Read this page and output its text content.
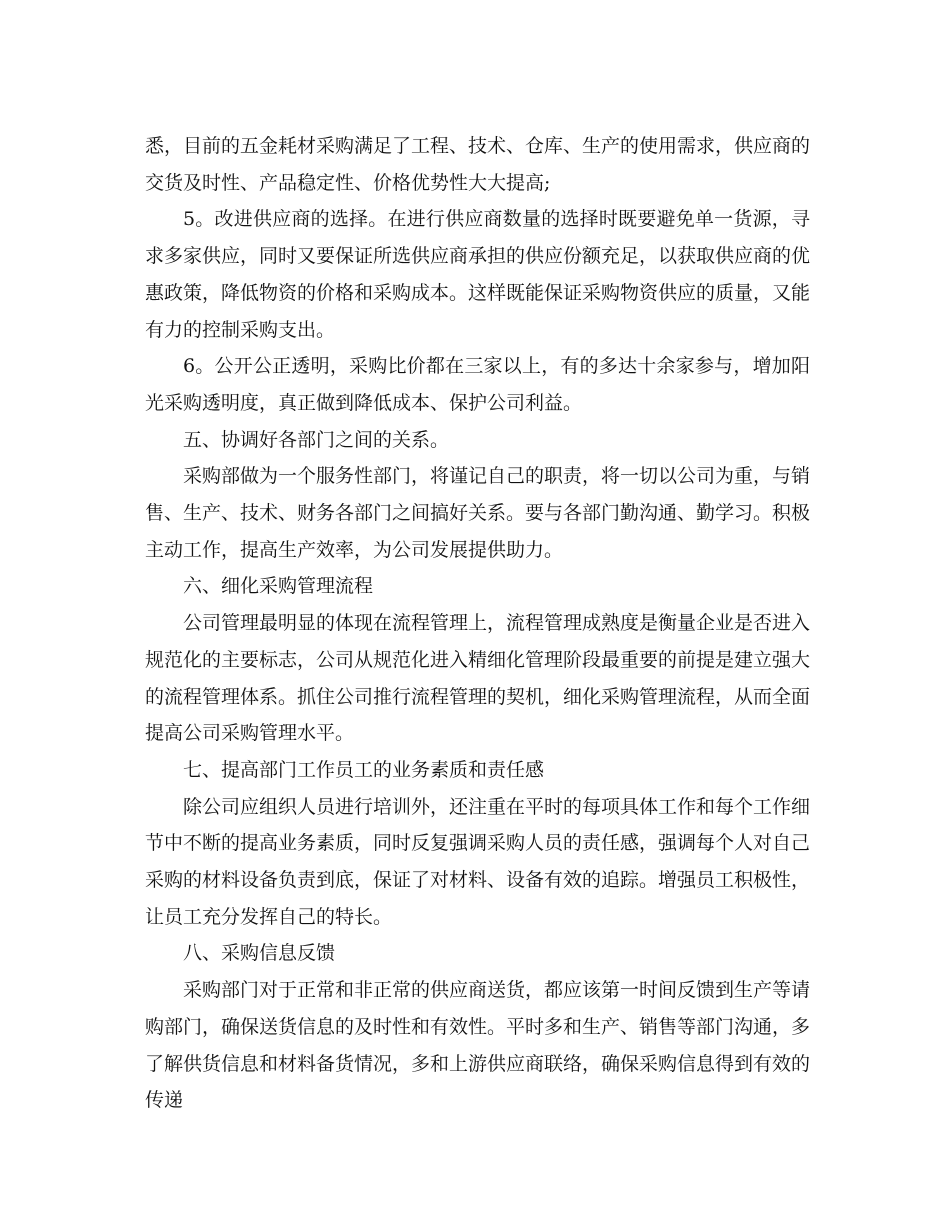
悉，目前的五金耗材采购满足了工程、技术、仓库、生产的使用需求，供应商的交货及时性、产品稳定性、价格优势性大大提高;

5。改进供应商的选择。在进行供应商数量的选择时既要避免单一货源，寻求多家供应，同时又要保证所选供应商承担的供应份额充足，以获取供应商的优惠政策，降低物资的价格和采购成本。这样既能保证采购物资供应的质量，又能有力的控制采购支出。

6。公开公正透明，采购比价都在三家以上，有的多达十余家参与，增加阳光采购透明度，真正做到降低成本、保护公司利益。

五、协调好各部门之间的关系。

采购部做为一个服务性部门，将谨记自己的职责，将一切以公司为重，与销售、生产、技术、财务各部门之间搞好关系。要与各部门勤沟通、勤学习。积极主动工作，提高生产效率，为公司发展提供助力。

六、细化采购管理流程

公司管理最明显的体现在流程管理上，流程管理成熟度是衡量企业是否进入规范化的主要标志，公司从规范化进入精细化管理阶段最重要的前提是建立强大的流程管理体系。抓住公司推行流程管理的契机，细化采购管理流程，从而全面提高公司采购管理水平。

七、提高部门工作员工的业务素质和责任感

除公司应组织人员进行培训外，还注重在平时的每项具体工作和每个工作细节中不断的提高业务素质，同时反复强调采购人员的责任感，强调每个人对自己采购的材料设备负责到底，保证了对材料、设备有效的追踪。增强员工积极性，让员工充分发挥自己的特长。

八、采购信息反馈

采购部门对于正常和非正常的供应商送货，都应该第一时间反馈到生产等请购部门，确保送货信息的及时性和有效性。平时多和生产、销售等部门沟通，多了解供货信息和材料备货情况，多和上游供应商联络，确保采购信息得到有效的传递
